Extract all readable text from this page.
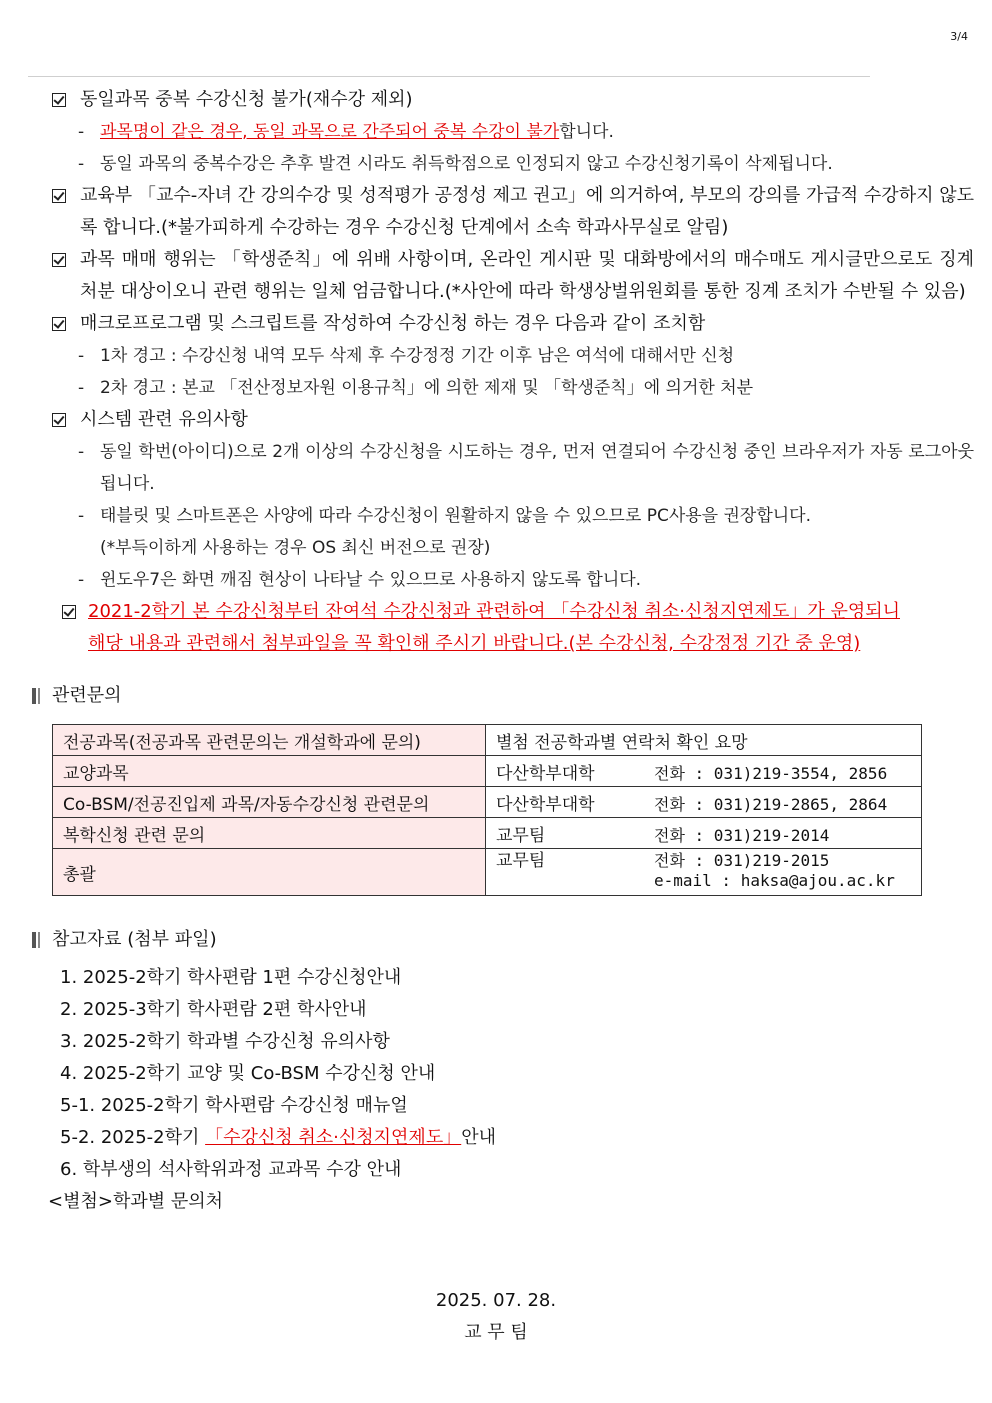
3/4
동일과목 중복 수강신청 불가(재수강 제외)
- 과목명이 같은 경우, 동일 과목으로 간주되어 중복 수강이 불가합니다.
- 동일 과목의 중복수강은 추후 발견 시라도 취득학점으로 인정되지 않고 수강신청기록이 삭제됩니다.
교육부 「교수-자녀 간 강의수강 및 성적평가 공정성 제고 권고」에 의거하여, 부모의 강의를 가급적 수강하지 않도록 합니다.(*불가피하게 수강하는 경우 수강신청 단계에서 소속 학과사무실로 알림)
과목 매매 행위는 「학생준칙」에 위배 사항이며, 온라인 게시판 및 대화방에서의 매수매도 게시글만으로도 징계 처분 대상이오니 관련 행위는 일체 엄금합니다.(*사안에 따라 학생상벌위원회를 통한 징계 조치가 수반될 수 있음)
매크로프로그램 및 스크립트를 작성하여 수강신청 하는 경우 다음과 같이 조치함
- 1차 경고 : 수강신청 내역 모두 삭제 후 수강정정 기간 이후 남은 여석에 대해서만 신청
- 2차 경고 : 본교 「전산정보자원 이용규칙」에 의한 제재 및 「학생준칙」에 의거한 처분
시스템 관련 유의사항
- 동일 학번(아이디)으로 2개 이상의 수강신청을 시도하는 경우, 먼저 연결되어 수강신청 중인 브라우저가 자동 로그아웃 됩니다.
- 태블릿 및 스마트폰은 사양에 따라 수강신청이 원활하지 않을 수 있으므로 PC사용을 권장합니다.
(*부득이하게 사용하는 경우 OS 최신 버전으로 권장)
- 윈도우7은 화면 깨짐 현상이 나타날 수 있으므로 사용하지 않도록 합니다.
2021-2학기 본 수강신청부터 잔여석 수강신청과 관련하여 「수강신청 취소·신청지연제도」가 운영되니
해당 내용과 관련해서 첨부파일을 꼭 확인해 주시기 바랍니다.(본 수강신청, 수강정정 기간 중 운영)
관련문의
전공과목(전공과목 관련문의는 개설학과에 문의)	별첨 전공학과별 연락처 확인 요망
교양과목	다산학부대학 전화 : 031)219-3554, 2856
Co-BSM/전공진입제 과목/자동수강신청 관련문의	다산학부대학 전화 : 031)219-2865, 2864
복학신청 관련 문의	교무팀 전화 : 031)219-2014
총괄	교무팀 전화 : 031)219-2015
e-mail : haksa@ajou.ac.kr
참고자료 (첨부 파일)
1. 2025-2학기 학사편람 1편 수강신청안내
2. 2025-3학기 학사편람 2편 학사안내
3. 2025-2학기 학과별 수강신청 유의사항
4. 2025-2학기 교양 및 Co-BSM 수강신청 안내
5-1. 2025-2학기 학사편람 수강신청 매뉴얼
5-2. 2025-2학기 「수강신청 취소·신청지연제도」안내
6. 학부생의 석사학위과정 교과목 수강 안내
<별첨>학과별 문의처
2025. 07. 28.
교 무 팀
